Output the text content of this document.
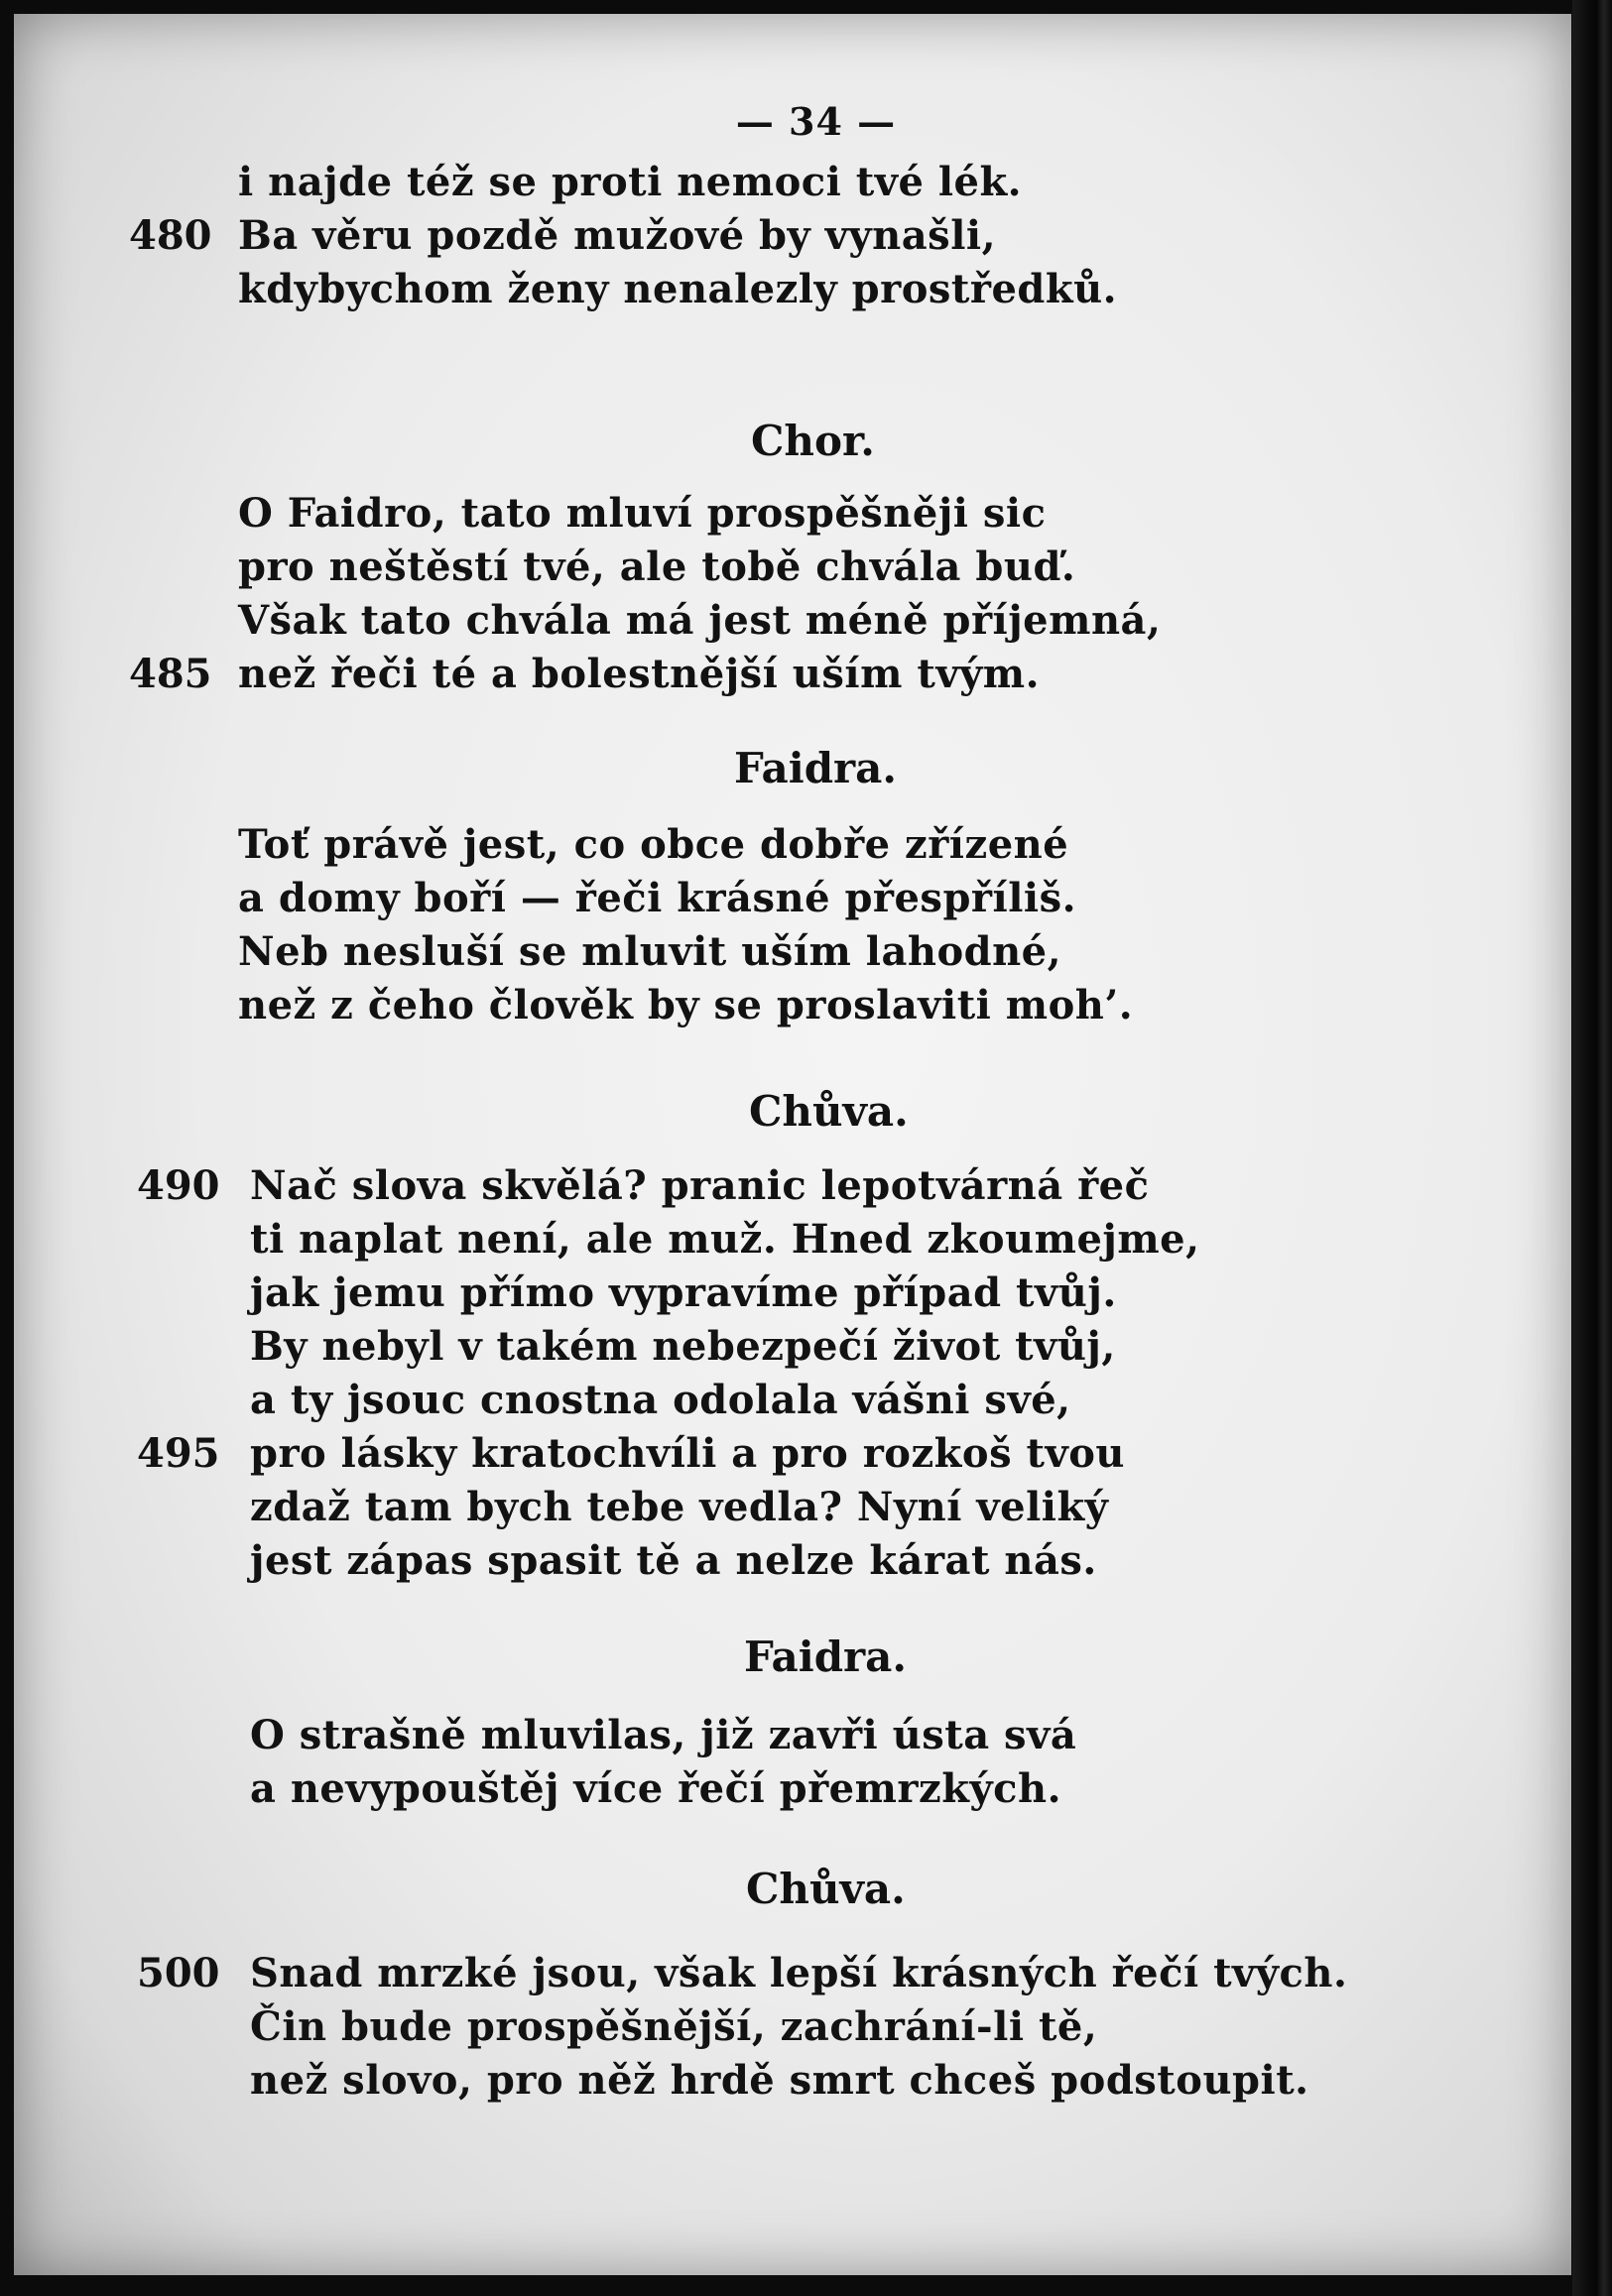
— 34 —
i najde též se proti nemoci tvé lék.
480 Ba věru pozdě mužové by vynašli,
kdybychom ženy nenalezly prostředků.
Chor.
O Faidro, tato mluví prospěšněji sic
pro neštěstí tvé, ale tobě chvála buď.
Však tato chvála má jest méně příjemná,
485 než řeči té a bolestnější uším tvým.
Faidra.
Toť právě jest, co obce dobře zřízené
a domy boří — řeči krásné přespříliš.
Neb nesluší se mluvit uším lahodné,
než z čeho člověk by se proslaviti moh’.
Chůva.
490 Nač slova skvělá? pranic lepotvárná řeč
ti naplat není, ale muž. Hned zkoumejme,
jak jemu přímo vypravíme případ tvůj.
By nebyl v takém nebezpečí život tvůj,
a ty jsouc cnostna odolala vášni své,
495 pro lásky kratochvíli a pro rozkoš tvou
zdaž tam bych tebe vedla? Nyní veliký
jest zápas spasit tě a nelze kárat nás.
Faidra.
O strašně mluvilas, již zavři ústa svá
a nevypouštěj více řečí přemrzkých.
Chůva.
500 Snad mrzké jsou, však lepší krásných řečí tvých.
Čin bude prospěšnější, zachrání-li tě,
než slovo, pro něž hrdě smrt chceš podstoupit.
